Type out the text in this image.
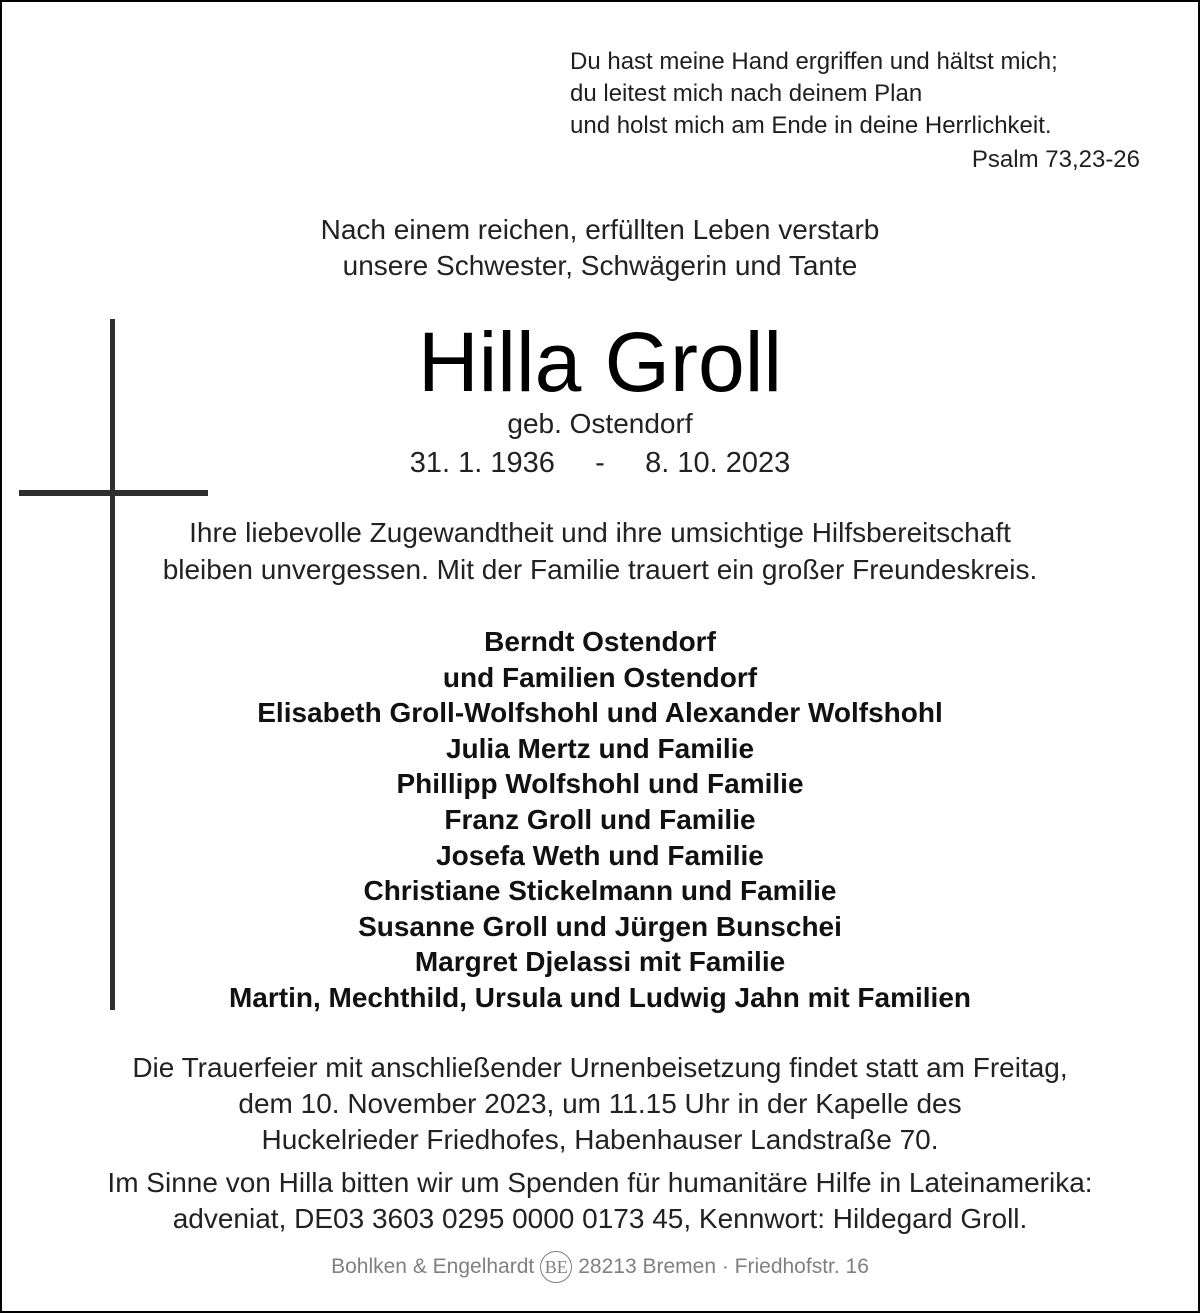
Du hast meine Hand ergriffen und hältst mich;
du leitest mich nach deinem Plan
und holst mich am Ende in deine Herrlichkeit.
Psalm 73,23-26
Nach einem reichen, erfüllten Leben verstarb
unsere Schwester, Schwägerin und Tante
Hilla Groll
geb. Ostendorf
31. 1. 1936     -     8. 10. 2023
Ihre liebevolle Zugewandtheit und ihre umsichtige Hilfsbereitschaft
bleiben unvergessen. Mit der Familie trauert ein großer Freundeskreis.
Berndt Ostendorf
und Familien Ostendorf
Elisabeth Groll-Wolfshohl und Alexander Wolfshohl
Julia Mertz und Familie
Phillipp Wolfshohl und Familie
Franz Groll und Familie
Josefa Weth und Familie
Christiane Stickelmann und Familie
Susanne Groll und Jürgen Bunschei
Margret Djelassi mit Familie
Martin, Mechthild, Ursula und Ludwig Jahn mit Familien
Die Trauerfeier mit anschließender Urnenbeisetzung findet statt am Freitag,
dem 10. November 2023, um 11.15 Uhr in der Kapelle des
Huckelrieder Friedhofes, Habenhauser Landstraße 70.
Im Sinne von Hilla bitten wir um Spenden für humanitäre Hilfe in Lateinamerika:
adveniat, DE03 3603 0295 0000 0173 45, Kennwort: Hildegard Groll.
Bohlken & Engelhardt BE 28213 Bremen · Friedhofstr. 16
